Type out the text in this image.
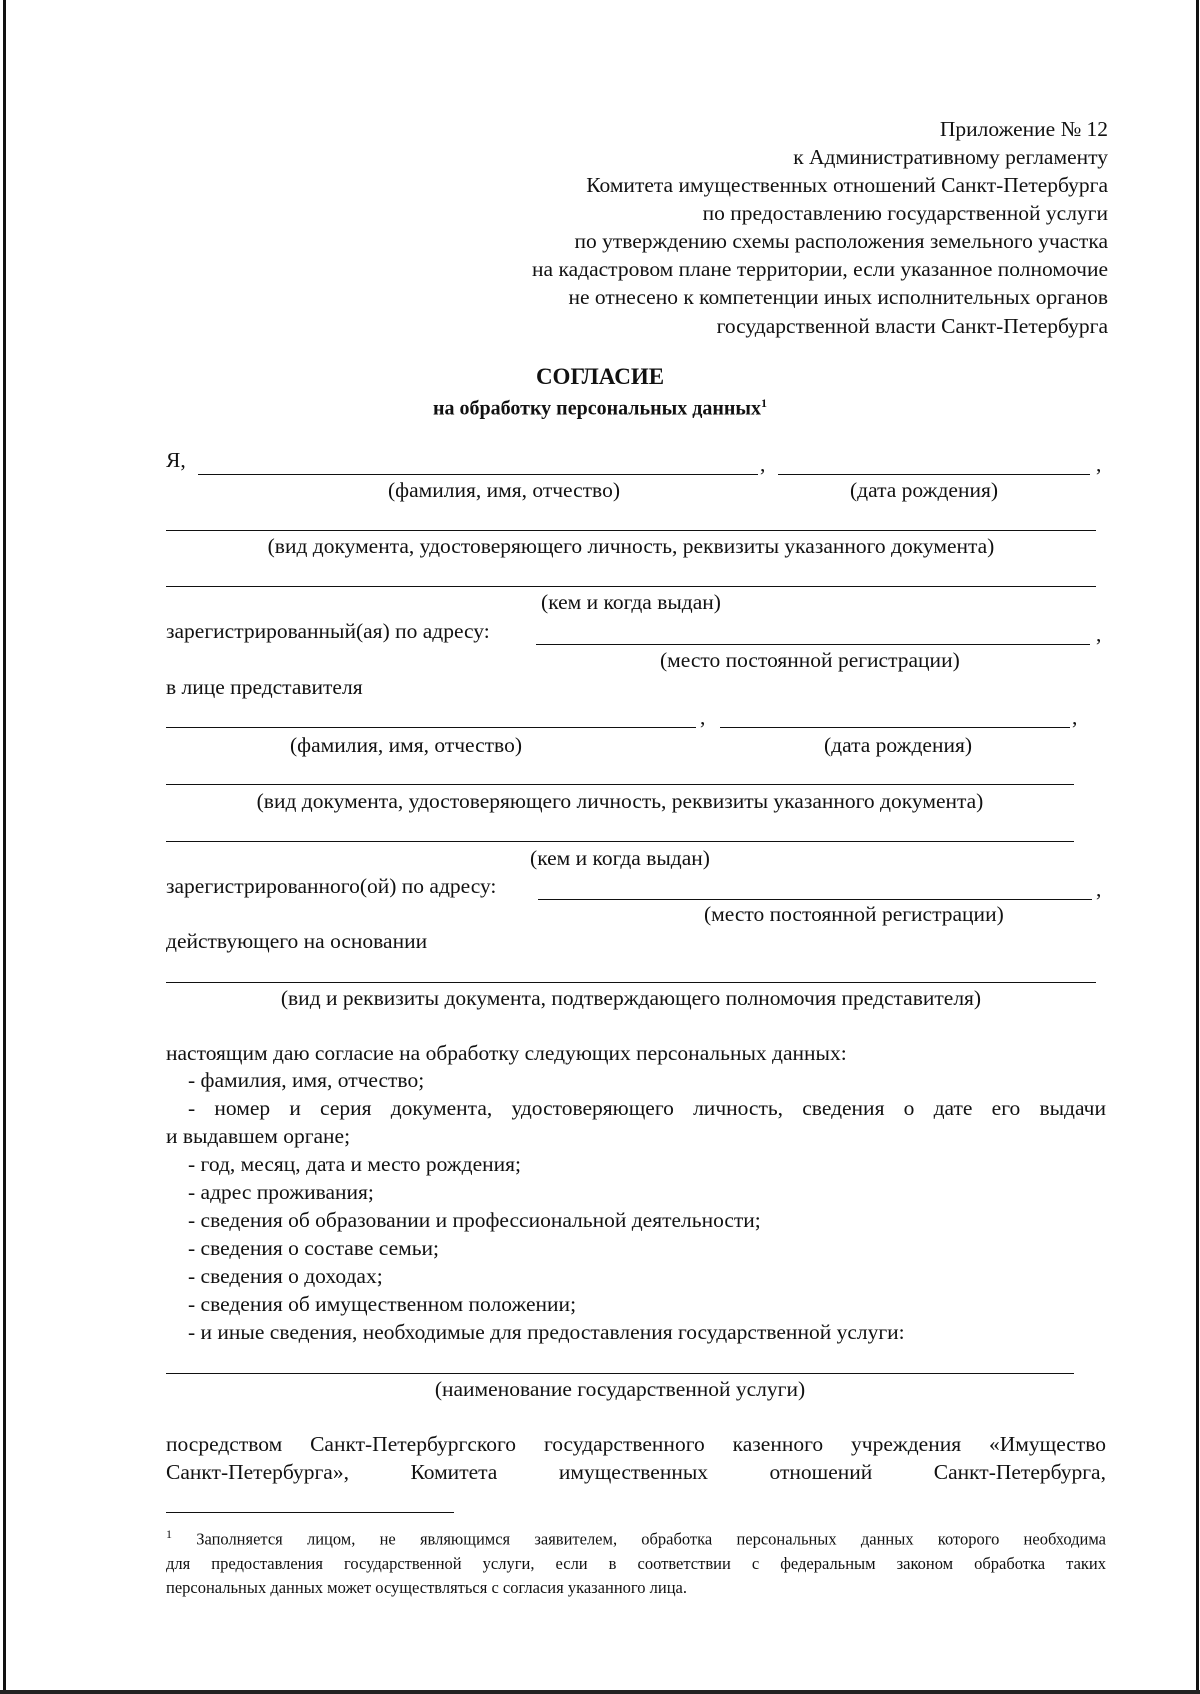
Приложение № 12
к Административному регламенту
Комитета имущественных отношений Санкт-Петербурга
по предоставлению государственной услуги
по утверждению схемы расположения земельного участка
на кадастровом плане территории, если указанное полномочие
не отнесено к компетенции иных исполнительных органов
государственной власти Санкт-Петербурга
СОГЛАСИЕ
на обработку персональных данных$^1$
Я,	,	,
(фамилия, имя, отчество)	(дата рождения)
(вид документа, удостоверяющего личность, реквизиты указанного документа)
(кем и когда выдан)
зарегистрированный(ая) по адресу:	,
(место постоянной регистрации)
в лице представителя
,	,
(фамилия, имя, отчество)	(дата рождения)
(вид документа, удостоверяющего личность, реквизиты указанного документа)
(кем и когда выдан)
зарегистрированного(ой) по адресу:	,
(место постоянной регистрации)
действующего на основании
(вид и реквизиты документа, подтверждающего полномочия представителя)
настоящим даю согласие на обработку следующих персональных данных:
- фамилия, имя, отчество;
- номер и серия документа, удостоверяющего личность, сведения о дате его выдачи
и выдавшем органе;
- год, месяц, дата и место рождения;
- адрес проживания;
- сведения об образовании и профессиональной деятельности;
- сведения о составе семьи;
- сведения о доходах;
- сведения об имущественном положении;
- и иные сведения, необходимые для предоставления государственной услуги:
(наименование государственной услуги)
посредством Санкт-Петербургского государственного казенного учреждения «Имущество
Санкт-Петербурга»,	Комитета	имущественных	отношений	Санкт-Петербурга,
$^1$ Заполняется лицом, не являющимся заявителем, обработка персональных данных которого необходима
для предоставления государственной услуги, если в соответствии с федеральным законом обработка таких
персональных данных может осуществляться с согласия указанного лица.
